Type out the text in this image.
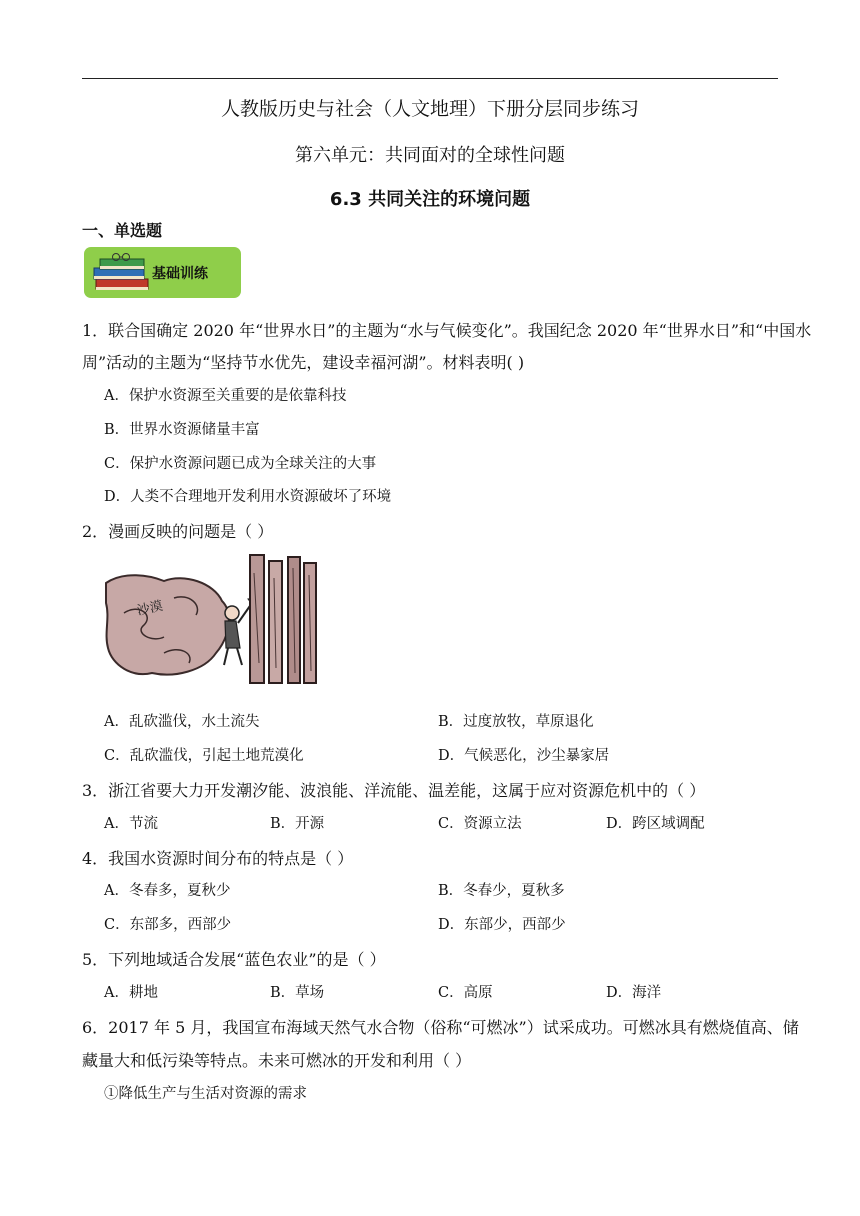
人教版历史与社会（人文地理）下册分层同步练习
第六单元：共同面对的全球性问题
6.3 共同关注的环境问题
一、单选题
基础训练
1．联合国确定 2020 年“世界水日”的主题为“水与气候变化”。我国纪念 2020 年“世界水日”和“中国水
周”活动的主题为“坚持节水优先，建设幸福河湖”。材料表明( )
A．保护水资源至关重要的是依靠科技
B．世界水资源储量丰富
C．保护水资源问题已成为全球关注的大事
D．人类不合理地开发利用水资源破坏了环境
2．漫画反映的问题是（ ）
沙漠
A．乱砍滥伐，水土流失	B．过度放牧，草原退化
C．乱砍滥伐，引起土地荒漠化	D．气候恶化，沙尘暴家居
3．浙江省要大力开发潮汐能、波浪能、洋流能、温差能，这属于应对资源危机中的（ ）
A．节流	B．开源	C．资源立法	D．跨区域调配
4．我国水资源时间分布的特点是（ ）
A．冬春多，夏秋少	B．冬春少，夏秋多
C．东部多，西部少	D．东部少，西部少
5．下列地域适合发展“蓝色农业”的是（ ）
A．耕地	B．草场	C．高原	D．海洋
6．2017 年 5 月，我国宣布海域天然气水合物（俗称“可燃冰”）试采成功。可燃冰具有燃烧值高、储
藏量大和低污染等特点。未来可燃冰的开发和利用（ ）
①降低生产与生活对资源的需求
